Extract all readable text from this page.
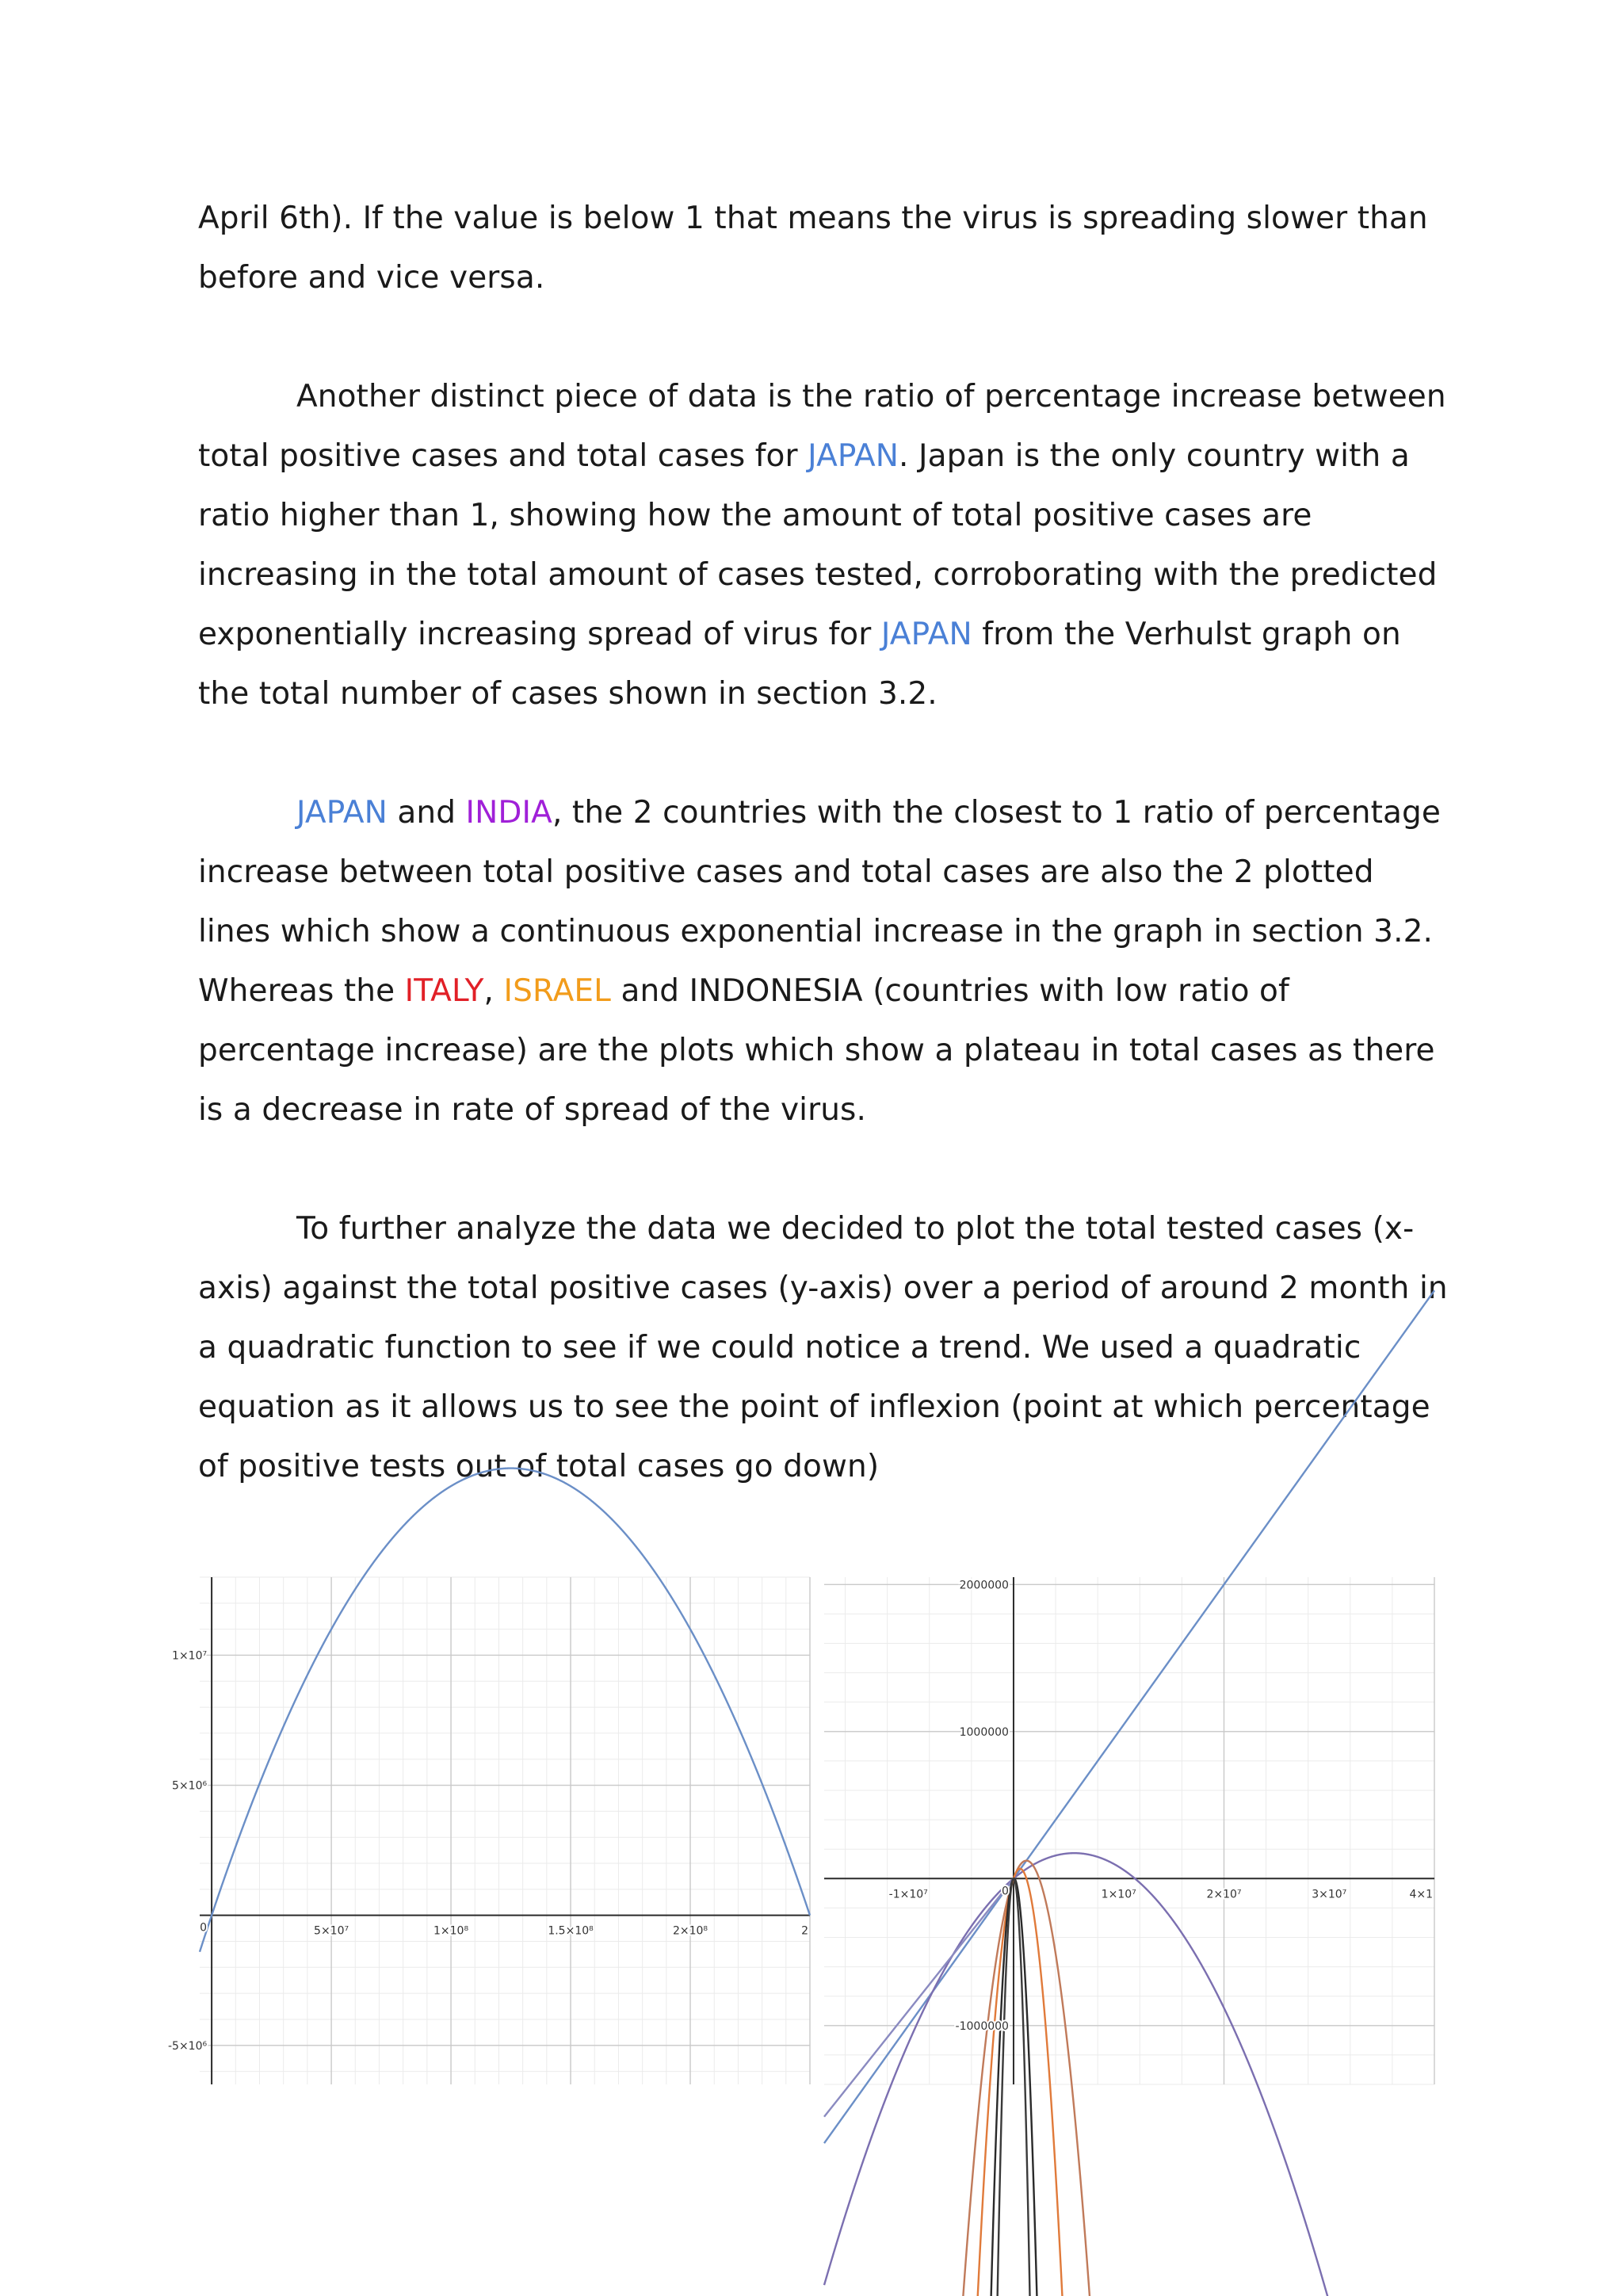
April 6th). If the value is below 1 that means the virus is spreading slower than before and vice versa.

Another distinct piece of data is the ratio of percentage increase between total positive cases and total cases for JAPAN. Japan is the only country with a ratio higher than 1, showing how the amount of total positive cases are increasing in the total amount of cases tested, corroborating with the predicted exponentially increasing spread of virus for JAPAN from the Verhulst graph on the total number of cases shown in section 3.2.

JAPAN and INDIA, the 2 countries with the closest to 1 ratio of percentage increase between total positive cases and total cases are also the 2 plotted lines which show a continuous exponential increase in the graph in section 3.2. Whereas the ITALY, ISRAEL and INDONESIA (countries with low ratio of percentage increase) are the plots which show a plateau in total cases as there is a decrease in rate of spread of the virus.

To further analyze the data we decided to plot the total tested cases (x-axis) against the total positive cases (y-axis) over a period of around 2 month in a quadratic function to see if we could notice a trend. We used a quadratic equation as it allows us to see the point of inflexion (point at which percentage of positive tests out of total cases go down)

5×10⁷	1×10⁸	1.5×10⁸	2×10⁸	2
1×10⁷
5×10⁶
-5×10⁶
0
-1×10⁷	1×10⁷	2×10⁷	3×10⁷	4×1
2000000
1000000
-1000000
0
